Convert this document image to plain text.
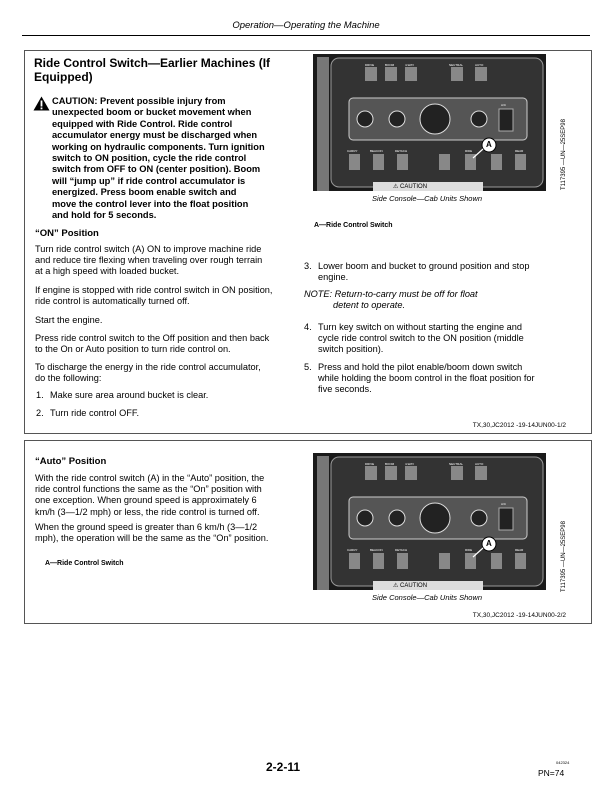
Operation—Operating the Machine
Ride Control Switch—Earlier Machines (If
Equipped)
CAUTION: Prevent possible injury from
unexpected boom or bucket movement when
equipped with Ride Control. Ride control
accumulator energy must be discharged when
working on hydraulic components. Turn ignition
switch to ON position, cycle the ride control
switch from OFF to ON (center position). Boom
will “jump up” if ride control accumulator is
energized. Press boom enable switch and
move the control lever into the float position
and hold for 5 seconds.
“ON” Position
Turn ride control switch (A) ON to improve machine ride
and reduce tire flexing when traveling over rough terrain
at a high speed with loaded bucket.
If engine is stopped with ride control switch in ON position,
ride control is automatically turned off.
Start the engine.
Press ride control switch to the Off position and then back
to the On or Auto position to turn ride control on.
To discharge the energy in the ride control accumulator,
do the following:
1. Make sure area around bucket is clear.
2. Turn ride control OFF.
DRIVE	BOOM	4-WAY	NEUTRAL	AUTO
A/C
CARRY	BEACON	DETACH	RIDE	REAR
A
⚠ CAUTION	T117395 —UN—25SEP98
Side Console—Cab Units Shown
A—Ride Control Switch
3. Lower boom and bucket to ground position and stop
engine.
NOTE: Return-to-carry must be off for float
detent to operate.
4. Turn key switch on without starting the engine and
cycle ride control switch to the ON position (middle
switch position).
5. Press and hold the pilot enable/boom down switch
while holding the boom control in the float position for
five seconds.
TX,30,JC2012 -19-14JUN00-1/2
“Auto” Position
With the ride control switch (A) in the “Auto” position, the
ride control functions the same as the “On” position with
one exception. When ground speed is approximately 6
km/h (3—1/2 mph) or less, the ride control is turned off.
When the ground speed is greater than 6 km/h (3—1/2
mph), the operation will be the same as the “On” position.
A—Ride Control Switch
DRIVE	BOOM	4-WAY	NEUTRAL	AUTO
A/C
CARRY	BEACON	DETACH	RIDE	REAR
A
⚠ CAUTION	T117395 —UN—25SEP98
Side Console—Cab Units Shown
TX,30,JC2012 -19-14JUN00-2/2
2-2-11	042324
PN=74
